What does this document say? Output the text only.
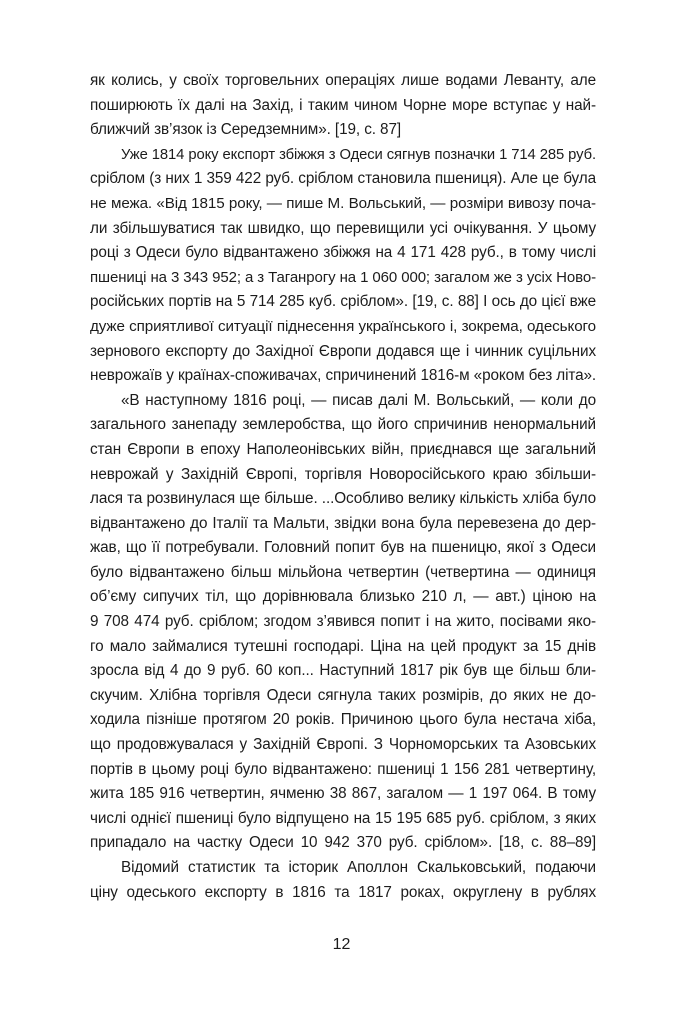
як колись, у своїх торговельних операціях лише водами Леванту, але
поширюють їх далі на Захід, і таким чином Чорне море вступає у най-
ближчий зв’язок із Середземним». [19, с. 87]
Уже 1814 року експорт збіжжя з Одеси сягнув позначки 1 714 285 руб.
сріблом (з них 1 359 422 руб. сріблом становила пшениця). Але це була
не межа. «Від 1815 року, — пише М. Вольський, — розміри вивозу поча-
ли збільшуватися так швидко, що перевищили усі очікування. У цьому
році з Одеси було відвантажено збіжжя на 4 171 428 руб., в тому числі
пшениці на 3 343 952; а з Таганрогу на 1 060 000; загалом же з усіх Ново-
російських портів на 5 714 285 куб. сріблом». [19, с. 88] І ось до цієї вже
дуже сприятливої ситуації піднесення українського і, зокрема, одеського
зернового експорту до Західної Європи додався ще і чинник суцільних
неврожаїв у країнах-споживачах, спричинений 1816-м «роком без літа».
«В наступному 1816 році, — писав далі М. Вольський, — коли до
загального занепаду землеробства, що його спричинив ненормальний
стан Європи в епоху Наполеонівських війн, приєднався ще загальний
неврожай у Західній Європі, торгівля Новоросійського краю збільши-
лася та розвинулася ще більше. ...Особливо велику кількість хліба було
відвантажено до Італії та Мальти, звідки вона була перевезена до дер-
жав, що її потребували. Головний попит був на пшеницю, якої з Одеси
було відвантажено більш мільйона четвертин (четвертина — одиниця
об’єму сипучих тіл, що дорівнювала близько 210 л, — авт.) ціною на
9 708 474 руб. сріблом; згодом з’явився попит і на жито, посівами яко-
го мало займалися тутешні господарі. Ціна на цей продукт за 15 днів
зросла від 4 до 9 руб. 60 коп... Наступний 1817 рік був ще більш бли-
скучим. Хлібна торгівля Одеси сягнула таких розмірів, до яких не до-
ходила пізніше протягом 20 років. Причиною цього була нестача хіба,
що продовжувалася у Західній Європі. З Чорноморських та Азовських
портів в цьому році було відвантажено: пшениці 1 156 281 четвертину,
жита 185 916 четвертин, ячменю 38 867, загалом — 1 197 064. В тому
числі однієї пшениці було відпущено на 15 195 685 руб. сріблом, з яких
припадало на частку Одеси 10 942 370 руб. сріблом». [18, с. 88–89]
Відомий статистик та історик Аполлон Скальковський, подаючи
ціну одеського експорту в 1816 та 1817 роках, округлену в рублях
12
